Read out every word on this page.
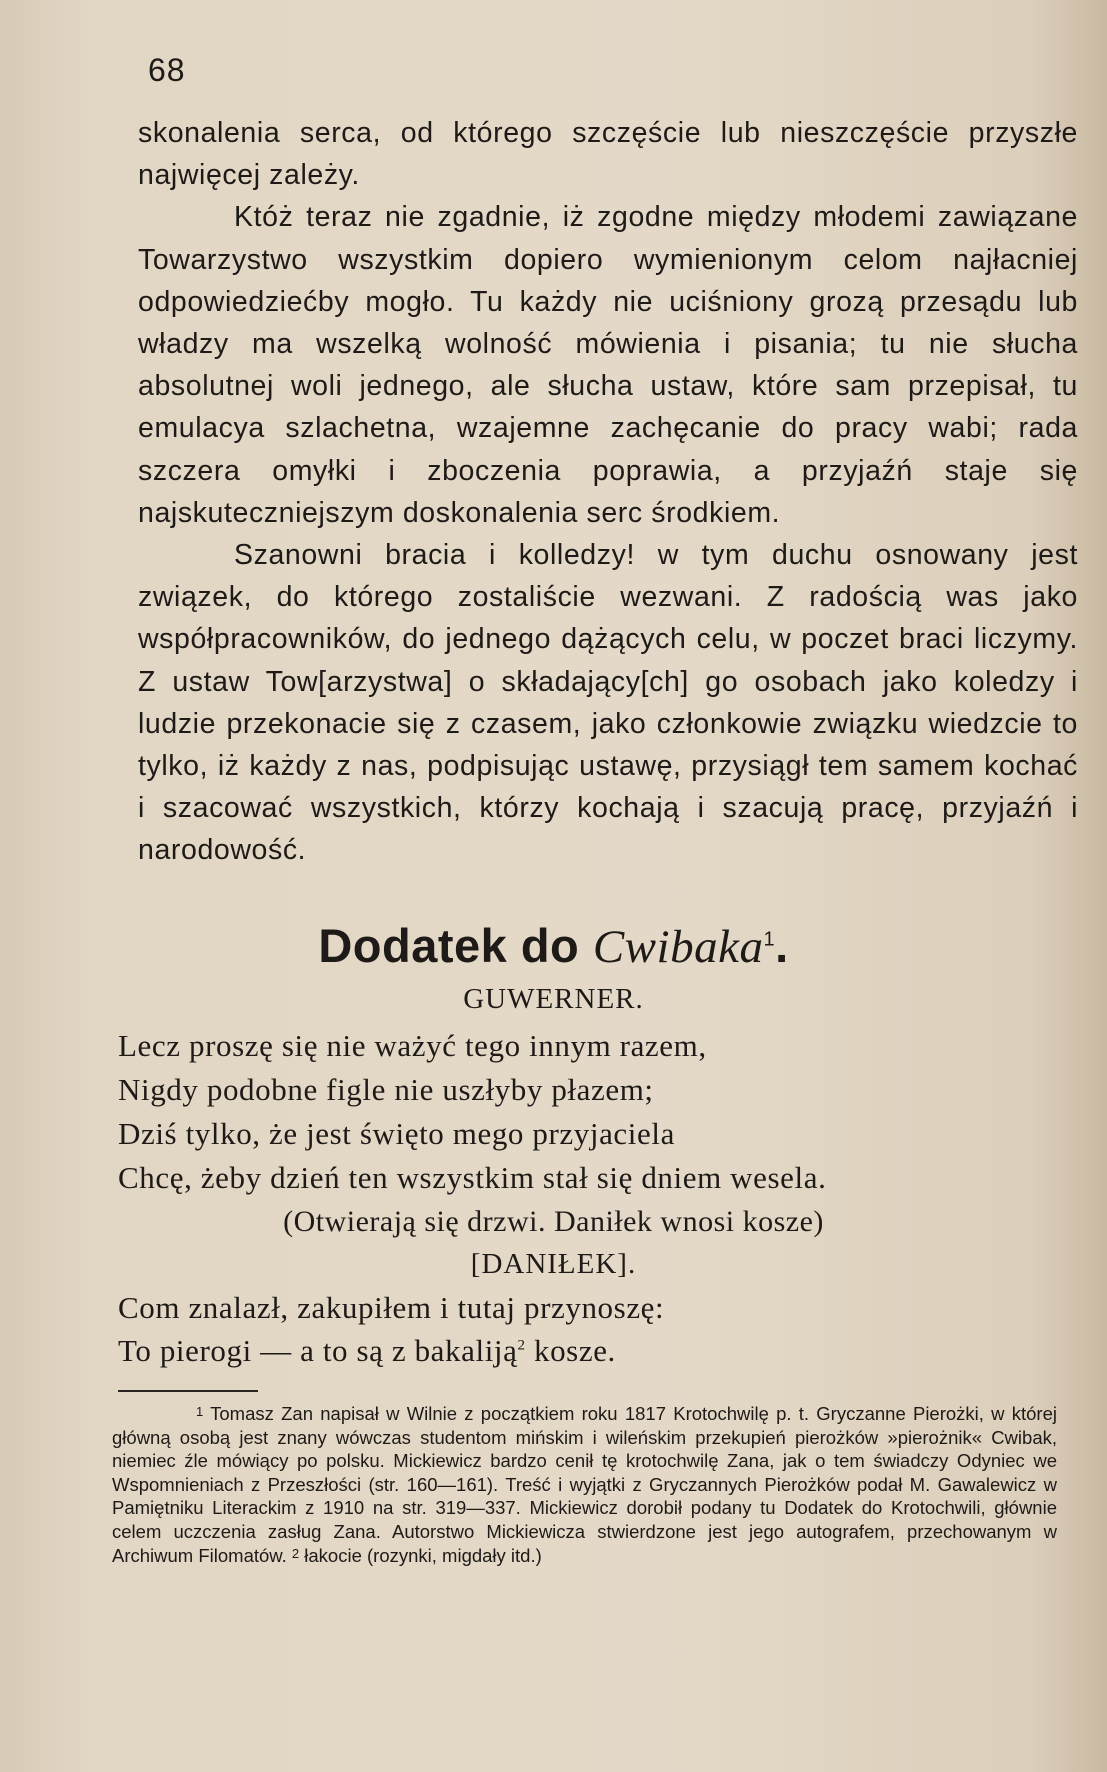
68

skonalenia serca, od którego szczęście lub nieszczęście przyszłe najwięcej zależy.

Któż teraz nie zgadnie, iż zgodne między młodemi zawiązane Towarzystwo wszystkim dopiero wymienionym celom najłacniej odpowiedziećby mogło. Tu każdy nie uciśniony grozą przesądu lub władzy ma wszelką wolność mówienia i pisania; tu nie słucha absolutnej woli jednego, ale słucha ustaw, które sam przepisał, tu emulacya szlachetna, wzajemne zachęcanie do pracy wabi; rada szczera omyłki i zboczenia poprawia, a przyjaźń staje się najskuteczniejszym doskonalenia serc środkiem.

Szanowni bracia i kolledzy! w tym duchu osnowany jest związek, do którego zostaliście wezwani. Z radością was jako współpracowników, do jednego dążących celu, w poczet braci liczymy. Z ustaw Tow[arzystwa] o składający[ch] go osobach jako koledzy i ludzie przekonacie się z czasem, jako członkowie związku wiedzcie to tylko, iż każdy z nas, podpisując ustawę, przysiągł tem samem kochać i szacować wszystkich, którzy kochają i szacują pracę, przyjaźń i narodowość.

Dodatek do Cwibaka$^1$.
GUWERNER.
Lecz proszę się nie ważyć tego innym razem,
Nigdy podobne figle nie uszłyby płazem;
Dziś tylko, że jest święto mego przyjaciela
Chcę, żeby dzień ten wszystkim stał się dniem wesela.
(Otwierają się drzwi. Daniłek wnosi kosze)
[DANIŁEK].
Com znalazł, zakupiłem i tutaj przynoszę:
To pierogi — a to są z bakaliją$^2$ kosze.

$^1$ Tomasz Zan napisał w Wilnie z początkiem roku 1817 Krotochwilę p. t. Gryczanne Pierożki, w której główną osobą jest znany wówczas studentom mińskim i wileńskim przekupień pierożków »pierożnik« Cwibak, niemiec źle mówiący po polsku. Mickiewicz bardzo cenił tę krotochwilę Zana, jak o tem świadczy Odyniec we Wspomnieniach z Przeszłości (str. 160—161). Treść i wyjątki z Gryczannych Pierożków podał M. Gawalewicz w Pamiętniku Literackim z 1910 na str. 319—337. Mickiewicz dorobił podany tu Dodatek do Krotochwili, głównie celem uczczenia zasług Zana. Autorstwo Mickiewicza stwierdzone jest jego autografem, przechowanym w Archiwum Filomatów. $^2$ łakocie (rozynki, migdały itd.)
